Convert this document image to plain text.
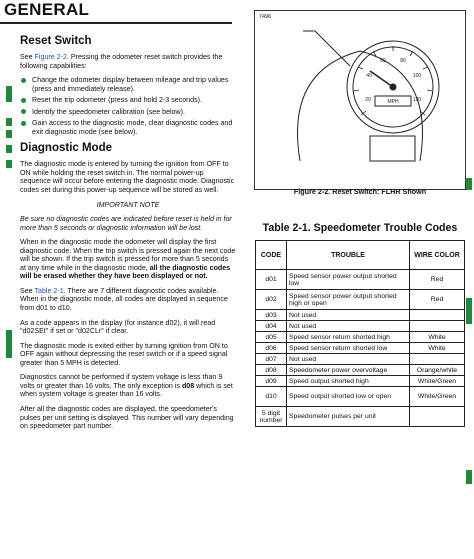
GENERAL
Reset Switch

See Figure 2-2. Pressing the odometer reset switch provides the following capabilities:

Change the odometer display between mileage and trip values (press and immediately release).
Reset the trip odometer (press and hold 2-3 seconds).
Identify the speedometer calibration (see below).
Gain access to the diagnostic mode, clear diagnostic codes and exit diagnostic mode (see below).
Diagnostic Mode

The diagnostic mode is entered by turning the ignition from OFF to ON while holding the reset switch in. The normal power-up sequence will occur before entering the diagnostic mode. Diagnostic codes set during this power-up sequence will be stored as well.

IMPORTANT NOTE

Be sure no diagnostic codes are indicated before reset is held in for more than 5 seconds or diagnostic information will be lost.

When in the diagnostic mode the odometer will display the first diagnostic code. When the trip switch is pressed again the next code will be shown. If the trip switch is pressed for more than 5 seconds at any time while in the diagnostic mode, all the diagnostic codes will be erased whether they have been displayed or not.

See Table 2-1. There are 7 different diagnostic codes available. When in the diagnostic mode, all codes are displayed in sequence from d01 to d10.

As a code appears in the display (for instance d02), it will read "d02SEt" if set or "d02CLr" if clear.

The diagnostic mode is exited either by turning ignition from ON to OFF again without depressing the reset switch or if a speed signal greater than 5 MPH is detected.

Diagnostics cannot be performed if system voltage is less than 9 volts or greater than 16 volts. The only exception is d08 which is set when system voltage is greater than 16 volts.

After all the diagnostic codes are displayed, the speedometer's pulses per unit setting is displayed. This number will vary depending on speedometer part number.

7496
20
40
60	80
100
120
MPH
Figure 2-2. Reset Switch: FLHR Shown
Table 2-1. Speedometer Trouble Codes
CODE	TROUBLE	WIRE COLOR
d01	Speed sensor power output shorted low	Red
d02	Speed sensor power output shorted high or open	Red
d03	Not used	
d04	Not used	
d05	Speed sensor return shorted high	White
d06	Speed sensor return shorted low	White
d07	Not used	
d08	Speedometer power overvoltage	Orange/white
d09	Speed output shorted high	White/Green
d10	Speed output shorted low or open	White/Green
5 digit number	Speedometer pulses per unit	
